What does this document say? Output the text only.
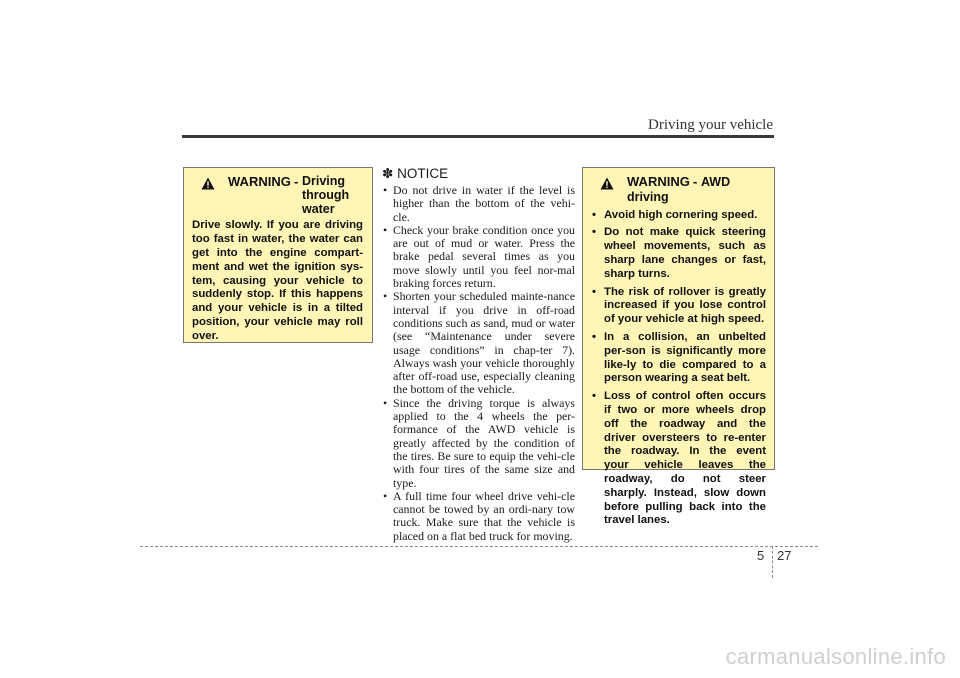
Driving your vehicle
WARNING - Driving through water
Drive slowly. If you are driving too fast in water, the water can get into the engine compart-ment and wet the ignition sys-tem, causing your vehicle to suddenly stop. If this happens and your vehicle is in a tilted position, your vehicle may roll over.
✽ NOTICE
• Do not drive in water if the level is higher than the bottom of the vehi-cle.
• Check your brake condition once you are out of mud or water. Press the brake pedal several times as you move slowly until you feel nor-mal braking forces return.
• Shorten your scheduled mainte-nance interval if you drive in off-road conditions such as sand, mud or water (see “Maintenance under severe usage conditions” in chap-ter 7). Always wash your vehicle thoroughly after off-road use, especially cleaning the bottom of the vehicle.
• Since the driving torque is always applied to the 4 wheels the per-formance of the AWD vehicle is greatly affected by the condition of the tires. Be sure to equip the vehi-cle with four tires of the same size and type.
• A full time four wheel drive vehi-cle cannot be towed by an ordi-nary tow truck. Make sure that the vehicle is placed on a flat bed truck for moving.
WARNING - AWD driving
• Avoid high cornering speed.
• Do not make quick steering wheel movements, such as sharp lane changes or fast, sharp turns.
• The risk of rollover is greatly increased if you lose control of your vehicle at high speed.
• In a collision, an unbelted per-son is significantly more like-ly to die compared to a person wearing a seat belt.
• Loss of control often occurs if two or more wheels drop off the roadway and the driver oversteers to re-enter the roadway. In the event your vehicle leaves the roadway, do not steer sharply. Instead, slow down before pulling back into the travel lanes.
5 27
carmanualsonline.info
